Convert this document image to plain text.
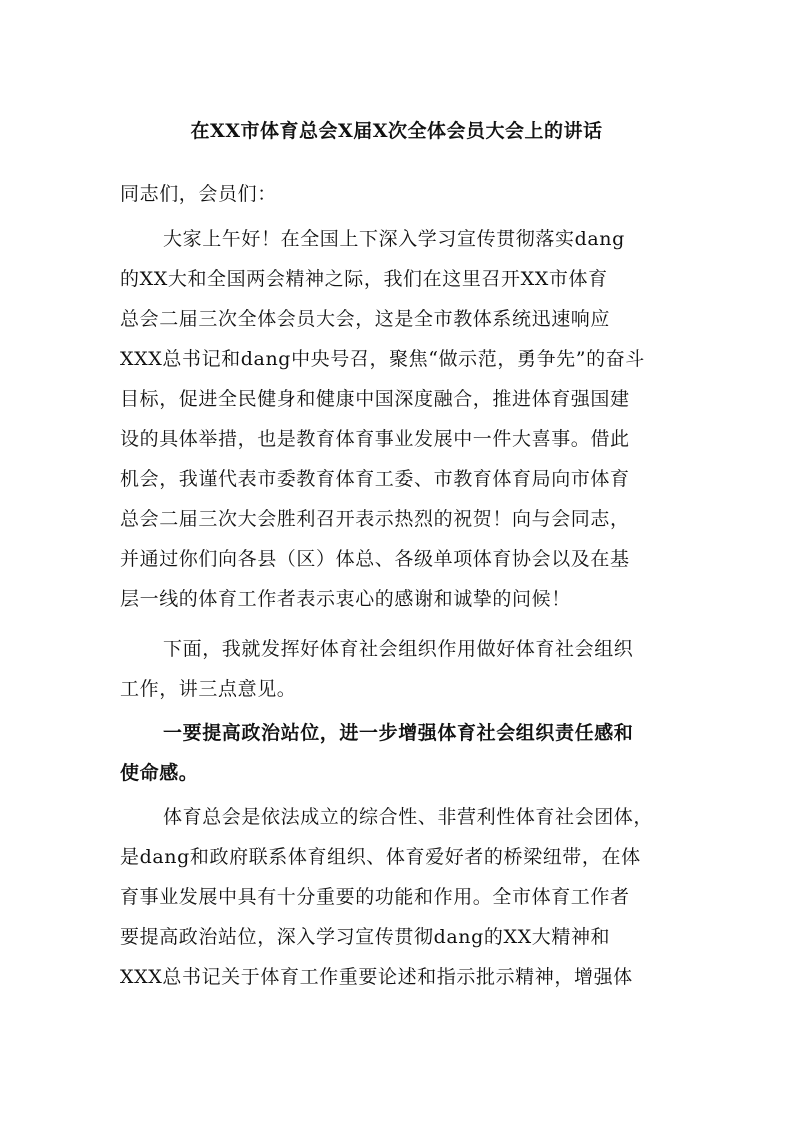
在XX市体育总会X届X次全体会员大会上的讲话
同志们，会员们：
大家上午好！在全国上下深入学习宣传贯彻落实dang
的XX大和全国两会精神之际，我们在这里召开XX市体育
总会二届三次全体会员大会，这是全市教体系统迅速响应
XXX总书记和dang中央号召，聚焦“做示范，勇争先”的奋斗
目标，促进全民健身和健康中国深度融合，推进体育强国建
设的具体举措，也是教育体育事业发展中一件大喜事。借此
机会，我谨代表市委教育体育工委、市教育体育局向市体育
总会二届三次大会胜利召开表示热烈的祝贺！向与会同志，
并通过你们向各县（区）体总、各级单项体育协会以及在基
层一线的体育工作者表示衷心的感谢和诚挚的问候！
下面，我就发挥好体育社会组织作用做好体育社会组织
工作，讲三点意见。
一要提高政治站位，进一步增强体育社会组织责任感和
使命感。
体育总会是依法成立的综合性、非营利性体育社会团体，
是dang和政府联系体育组织、体育爱好者的桥梁纽带，在体
育事业发展中具有十分重要的功能和作用。全市体育工作者
要提高政治站位，深入学习宣传贯彻dang的XX大精神和
XXX总书记关于体育工作重要论述和指示批示精神，增强体
